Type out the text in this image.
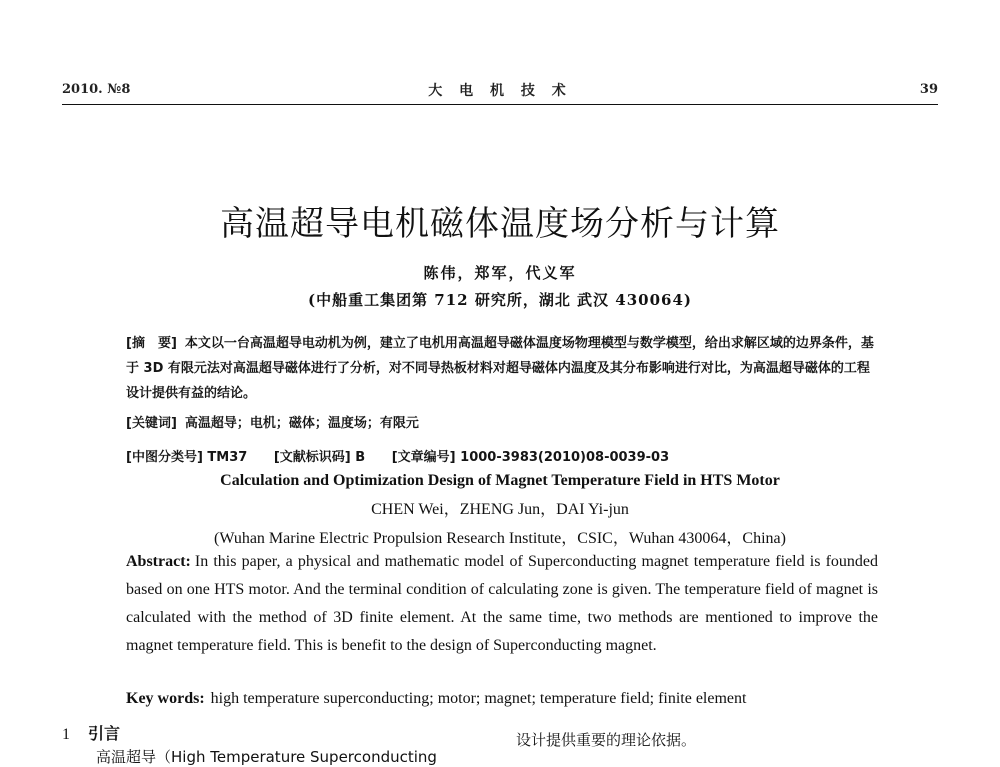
2010. №8	大 电 机 技 术	39
高温超导电机磁体温度场分析与计算
陈伟，郑军，代义军
(中船重工集团第 712 研究所，湖北 武汉 430064)
[摘　要] 本文以一台高温超导电动机为例，建立了电机用高温超导磁体温度场物理模型与数学模型，给出求解区域的边界条件，基于 3D 有限元法对高温超导磁体进行了分析，对不同导热板材料对超导磁体内温度及其分布影响进行对比，为高温超导磁体的工程设计提供有益的结论。
[关键词] 高温超导；电机；磁体；温度场；有限元
[中图分类号] TM37 [文献标识码] B [文章编号] 1000-3983(2010)08-0039-03
Calculation and Optimization Design of Magnet Temperature Field in HTS Motor
CHEN Wei，ZHENG Jun，DAI Yi-jun
(Wuhan Marine Electric Propulsion Research Institute，CSIC，Wuhan 430064，China)
Abstract: In this paper, a physical and mathematic model of Superconducting magnet temperature field is founded based on one HTS motor. And the terminal condition of calculating zone is given. The temperature field of magnet is calculated with the method of 3D finite element. At the same time, two methods are mentioned to improve the magnet temperature field. This is benefit to the design of Superconducting magnet.
Key words: high temperature superconducting; motor; magnet; temperature field; finite element
1 引言
高温超导（High Temperature Superconducting
设计提供重要的理论依据。
